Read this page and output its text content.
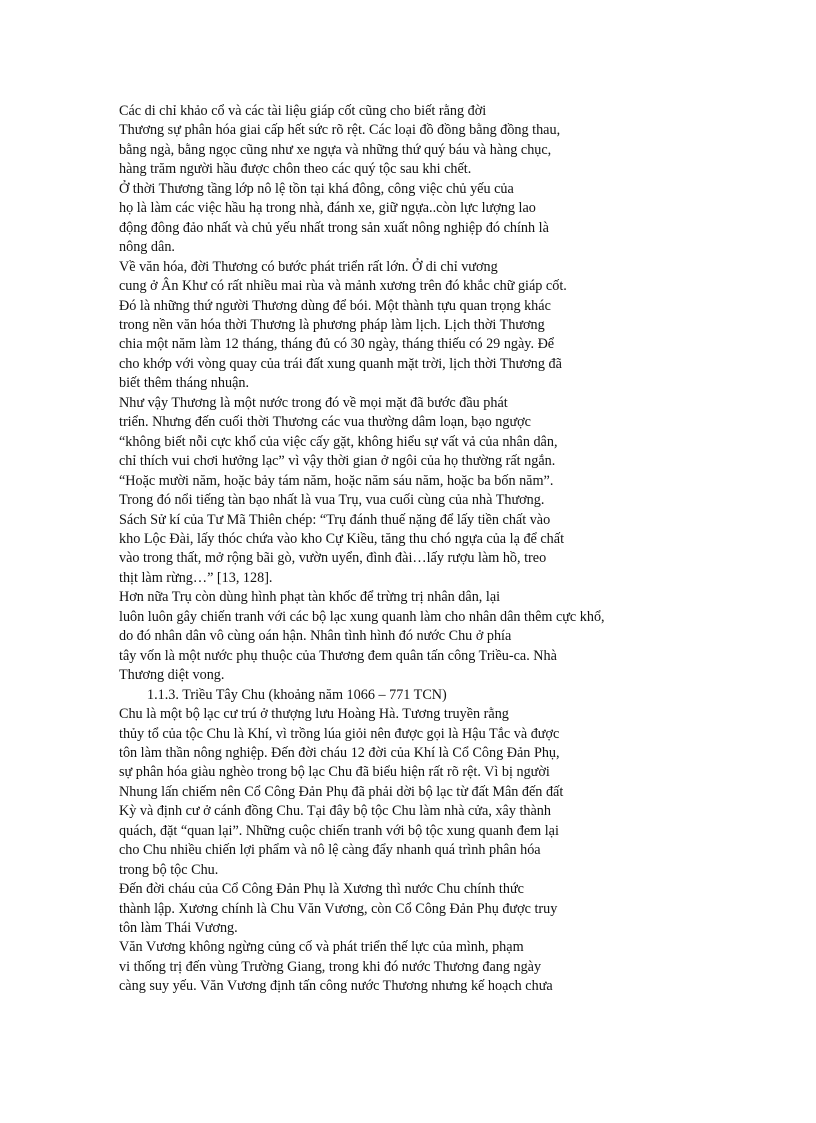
Các di chỉ khảo cổ và các tài liệu giáp cốt cũng cho biết rằng đời
Thương sự phân hóa giai cấp hết sức rõ rệt. Các loại đồ đồng bằng đồng thau,
bằng ngà, bằng ngọc cũng như xe ngựa và những thứ quý báu và hàng chục,
hàng trăm người hầu được chôn theo các quý tộc sau khi chết.
Ở thời Thương tầng lớp nô lệ tồn tại khá đông, công việc chủ yếu của
họ là làm các việc hầu hạ trong nhà, đánh xe, giữ ngựa..còn lực lượng lao
động đông đảo nhất và chủ yếu nhất trong sản xuất nông nghiệp đó chính là
nông dân.
Về văn hóa, đời Thương có bước phát triển rất lớn. Ở di chỉ vương
cung ở Ân Khư có rất nhiều mai rùa và mảnh xương trên đó khắc chữ giáp cốt.
Đó là những thứ người Thương dùng để bói. Một thành tựu quan trọng khác
trong nền văn hóa thời Thương là phương pháp làm lịch. Lịch thời Thương
chia một năm làm 12 tháng, tháng đủ có 30 ngày, tháng thiếu có 29 ngày. Để
cho khớp với vòng quay của trái đất xung quanh mặt trời, lịch thời Thương đã
biết thêm tháng nhuận.
Như vậy Thương là một nước trong đó về mọi mặt đã bước đầu phát
triển. Nhưng đến cuối thời Thương các vua thường dâm loạn, bạo ngược
“không biết nỗi cực khổ của việc cấy gặt, không hiểu sự vất vả của nhân dân,
chỉ thích vui chơi hưởng lạc” vì vậy thời gian ở ngôi của họ thường rất ngắn.
“Hoặc mười năm, hoặc bảy tám năm, hoặc năm sáu năm, hoặc ba bốn năm”.
Trong đó nổi tiếng tàn bạo nhất là vua Trụ, vua cuối cùng của nhà Thương.
Sách Sử kí của Tư Mã Thiên chép: “Trụ đánh thuế nặng để lấy tiền chất vào
kho Lộc Đài, lấy thóc chứa vào kho Cự Kiều, tăng thu chó ngựa của lạ để chất
vào trong thất, mở rộng bãi gò, vườn uyển, đình đài…lấy rượu làm hồ, treo
thịt làm rừng…” [13, 128].
Hơn nữa Trụ còn dùng hình phạt tàn khốc để trừng trị nhân dân, lại
luôn luôn gây chiến tranh với các bộ lạc xung quanh làm cho nhân dân thêm cực khổ,
do đó nhân dân vô cùng oán hận. Nhân tình hình đó nước Chu ở phía
tây vốn là một nước phụ thuộc của Thương đem quân tấn công Triều-ca. Nhà
Thương diệt vong.
1.1.3. Triều Tây Chu (khoảng năm 1066 – 771 TCN)
Chu là một bộ lạc cư trú ở thượng lưu Hoàng Hà. Tương truyền rằng
thủy tổ của tộc Chu là Khí, vì trồng lúa giỏi nên được gọi là Hậu Tắc và được
tôn làm thần nông nghiệp. Đến đời cháu 12 đời của Khí là Cổ Công Đản Phụ,
sự phân hóa giàu nghèo trong bộ lạc Chu đã biểu hiện rất rõ rệt. Vì bị người
Nhung lấn chiếm nên Cổ Công Đản Phụ đã phải dời bộ lạc từ đất Mân đến đất
Kỳ và định cư ở cánh đồng Chu. Tại đây bộ tộc Chu làm nhà cửa, xây thành
quách, đặt “quan lại”. Những cuộc chiến tranh với bộ tộc xung quanh đem lại
cho Chu nhiều chiến lợi phẩm và nô lệ càng đẩy nhanh quá trình phân hóa
trong bộ tộc Chu.
Đến đời cháu của Cổ Công Đản Phụ là Xương thì nước Chu chính thức
thành lập. Xương chính là Chu Văn Vương, còn Cổ Công Đản Phụ được truy
tôn làm Thái Vương.
Văn Vương không ngừng củng cố và phát triển thế lực của mình, phạm
vi thống trị đến vùng Trường Giang, trong khi đó nước Thương đang ngày
càng suy yếu. Văn Vương định tấn công nước Thương nhưng kế hoạch chưa
